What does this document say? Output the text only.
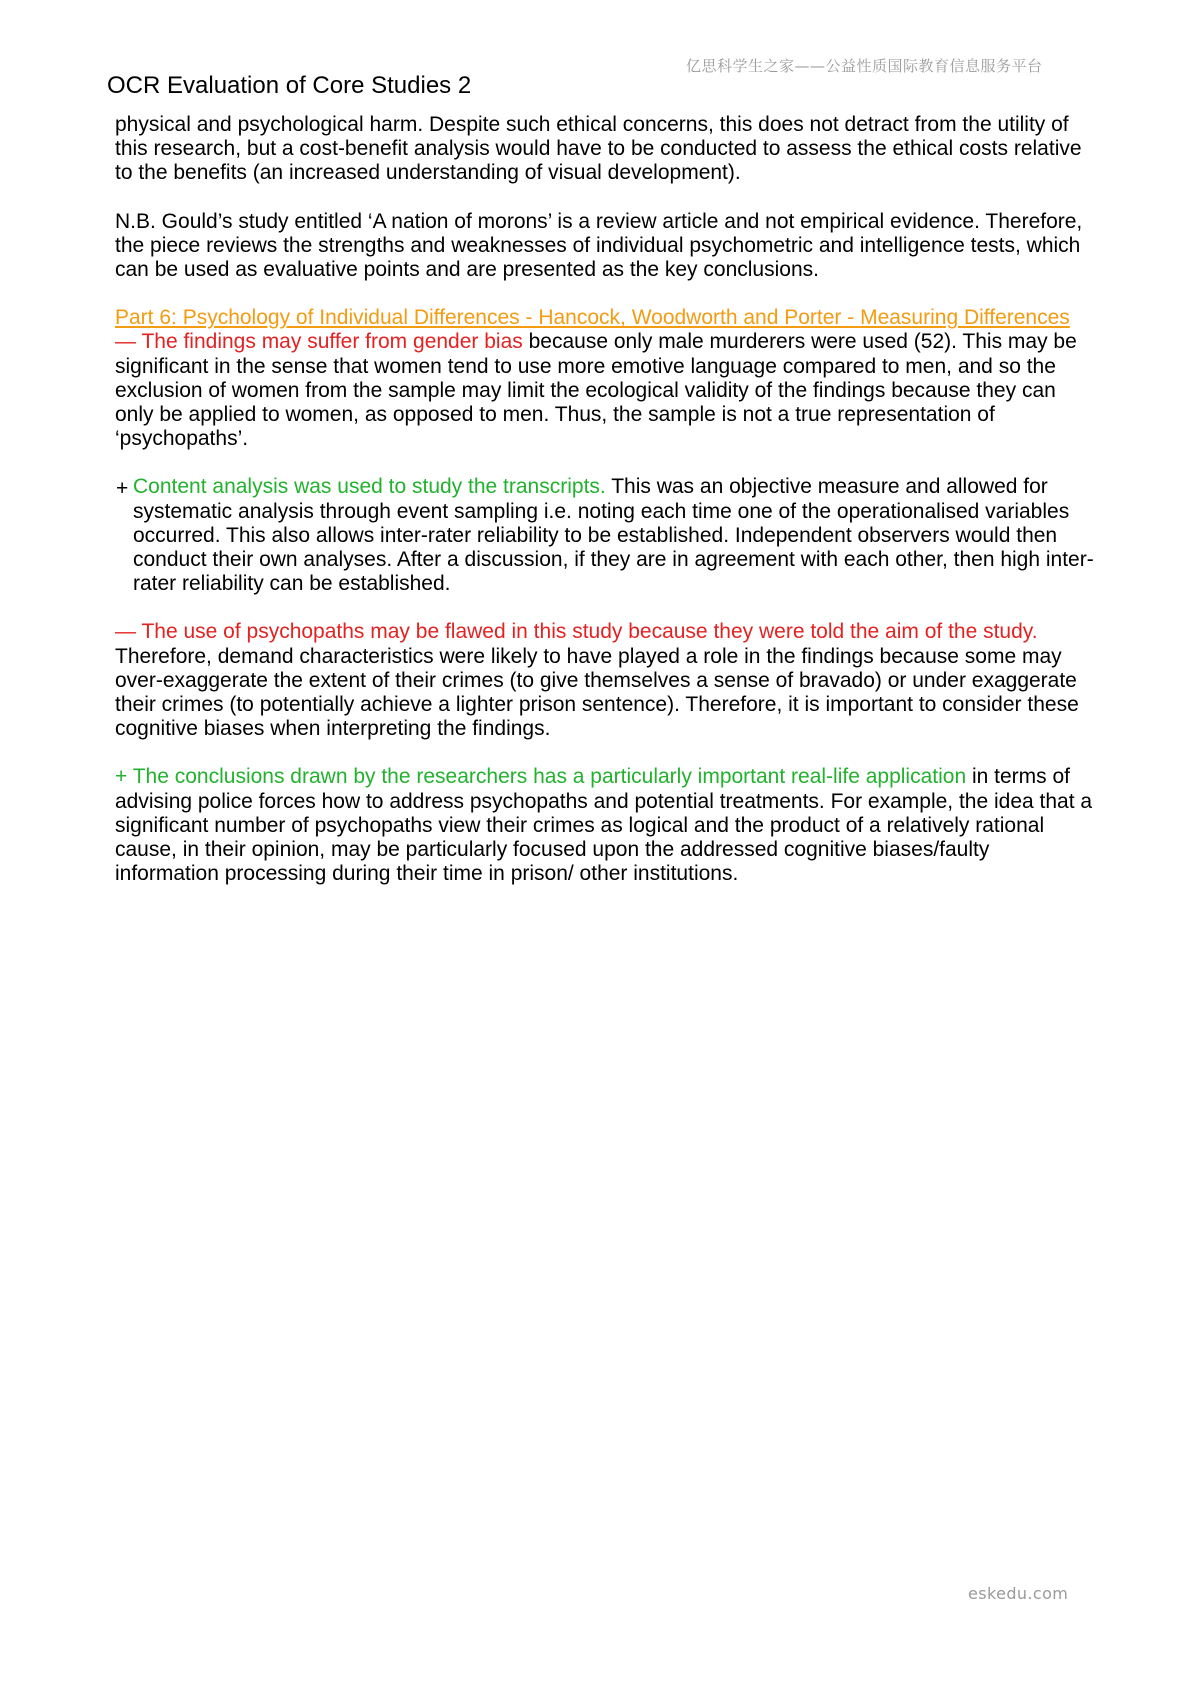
亿思科学生之家——公益性质国际教育信息服务平台
OCR Evaluation of Core Studies 2

physical and psychological harm. Despite such ethical concerns, this does not detract from the utility of this research, but a cost-benefit analysis would have to be conducted to assess the ethical costs relative to the benefits (an increased understanding of visual development).

N.B. Gould’s study entitled ‘A nation of morons’ is a review article and not empirical evidence. Therefore, the piece reviews the strengths and weaknesses of individual psychometric and intelligence tests, which can be used as evaluative points and are presented as the key conclusions.

Part 6: Psychology of Individual Differences - Hancock, Woodworth and Porter - Measuring Differences

— The findings may suffer from gender bias because only male murderers were used (52). This may be significant in the sense that women tend to use more emotive language compared to men, and so the exclusion of women from the sample may limit the ecological validity of the findings because they can only be applied to women, as opposed to men. Thus, the sample is not a true representation of ‘psychopaths’.

+ Content analysis was used to study the transcripts. This was an objective measure and allowed for systematic analysis through event sampling i.e. noting each time one of the operationalised variables occurred. This also allows inter-rater reliability to be established. Independent observers would then conduct their own analyses. After a discussion, if they are in agreement with each other, then high inter-rater reliability can be established.

— The use of psychopaths may be flawed in this study because they were told the aim of the study. Therefore, demand characteristics were likely to have played a role in the findings because some may over-exaggerate the extent of their crimes (to give themselves a sense of bravado) or under exaggerate their crimes (to potentially achieve a lighter prison sentence). Therefore, it is important to consider these cognitive biases when interpreting the findings.

+ The conclusions drawn by the researchers has a particularly important real-life application in terms of advising police forces how to address psychopaths and potential treatments. For example, the idea that a significant number of psychopaths view their crimes as logical and the product of a relatively rational cause, in their opinion, may be particularly focused upon the addressed cognitive biases/faulty information processing during their time in prison/ other institutions.

eskedu.com
